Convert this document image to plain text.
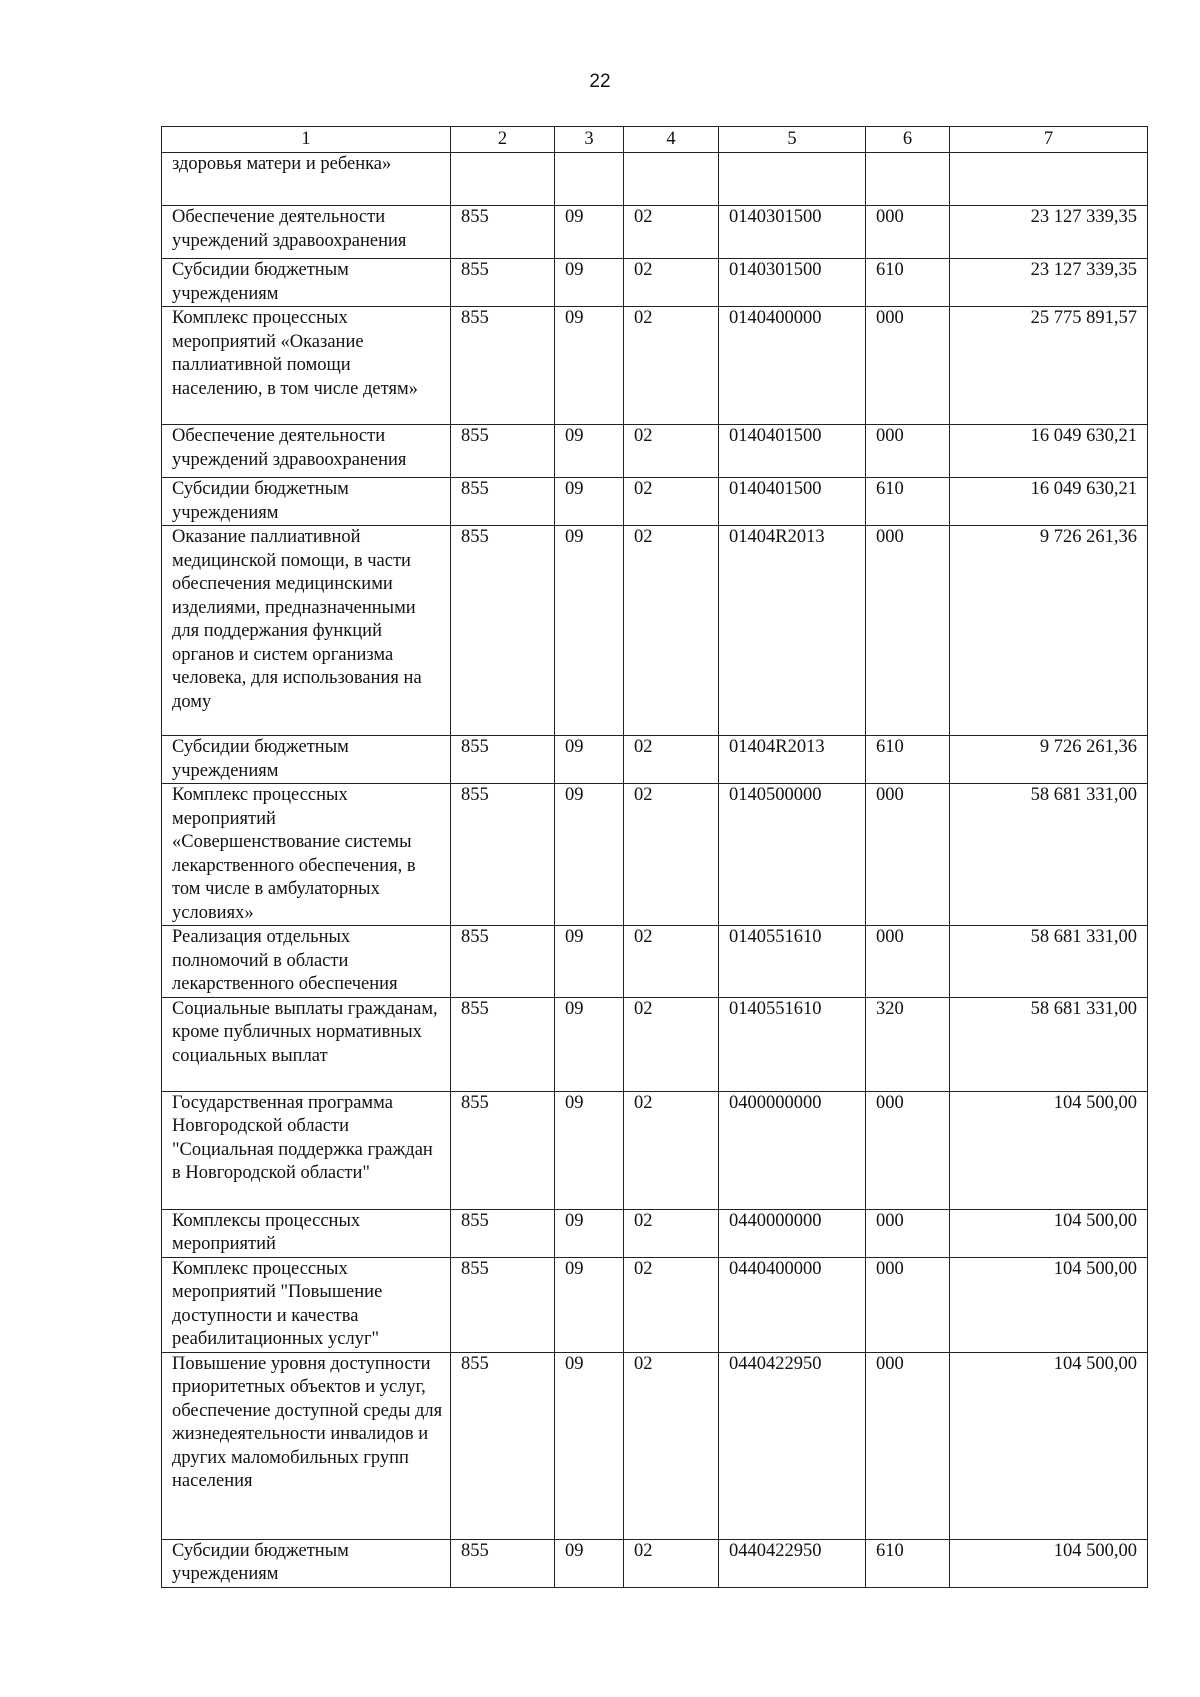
22
1	2	3	4	5	6	7
здоровья матери и ребенка»						
Обеспечение деятельности учреждений здравоохранения	855	09	02	0140301500	000	23 127 339,35
Субсидии бюджетным учреждениям	855	09	02	0140301500	610	23 127 339,35
Комплекс процессных мероприятий «Оказание паллиативной помощи населению, в том числе детям»	855	09	02	0140400000	000	25 775 891,57
Обеспечение деятельности учреждений здравоохранения	855	09	02	0140401500	000	16 049 630,21
Субсидии бюджетным учреждениям	855	09	02	0140401500	610	16 049 630,21
Оказание паллиативной медицинской помощи, в части обеспечения медицинскими изделиями, предназначенными для поддержания функций органов и систем организма человека, для использования на дому	855	09	02	01404R2013	000	9 726 261,36
Субсидии бюджетным учреждениям	855	09	02	01404R2013	610	9 726 261,36
Комплекс процессных мероприятий «Совершенствование системы лекарственного обеспечения, в том числе в амбулаторных условиях»	855	09	02	0140500000	000	58 681 331,00
Реализация отдельных полномочий в области лекарственного обеспечения	855	09	02	0140551610	000	58 681 331,00
Социальные выплаты гражданам, кроме публичных нормативных социальных выплат	855	09	02	0140551610	320	58 681 331,00
Государственная программа Новгородской области "Социальная поддержка граждан в Новгородской области"	855	09	02	0400000000	000	104 500,00
Комплексы процессных мероприятий	855	09	02	0440000000	000	104 500,00
Комплекс процессных мероприятий "Повышение доступности и качества реабилитационных услуг"	855	09	02	0440400000	000	104 500,00
Повышение уровня доступности приоритетных объектов и услуг, обеспечение доступной среды для жизнедеятельности инвалидов и других маломобильных групп населения	855	09	02	0440422950	000	104 500,00
Субсидии бюджетным учреждениям	855	09	02	0440422950	610	104 500,00
